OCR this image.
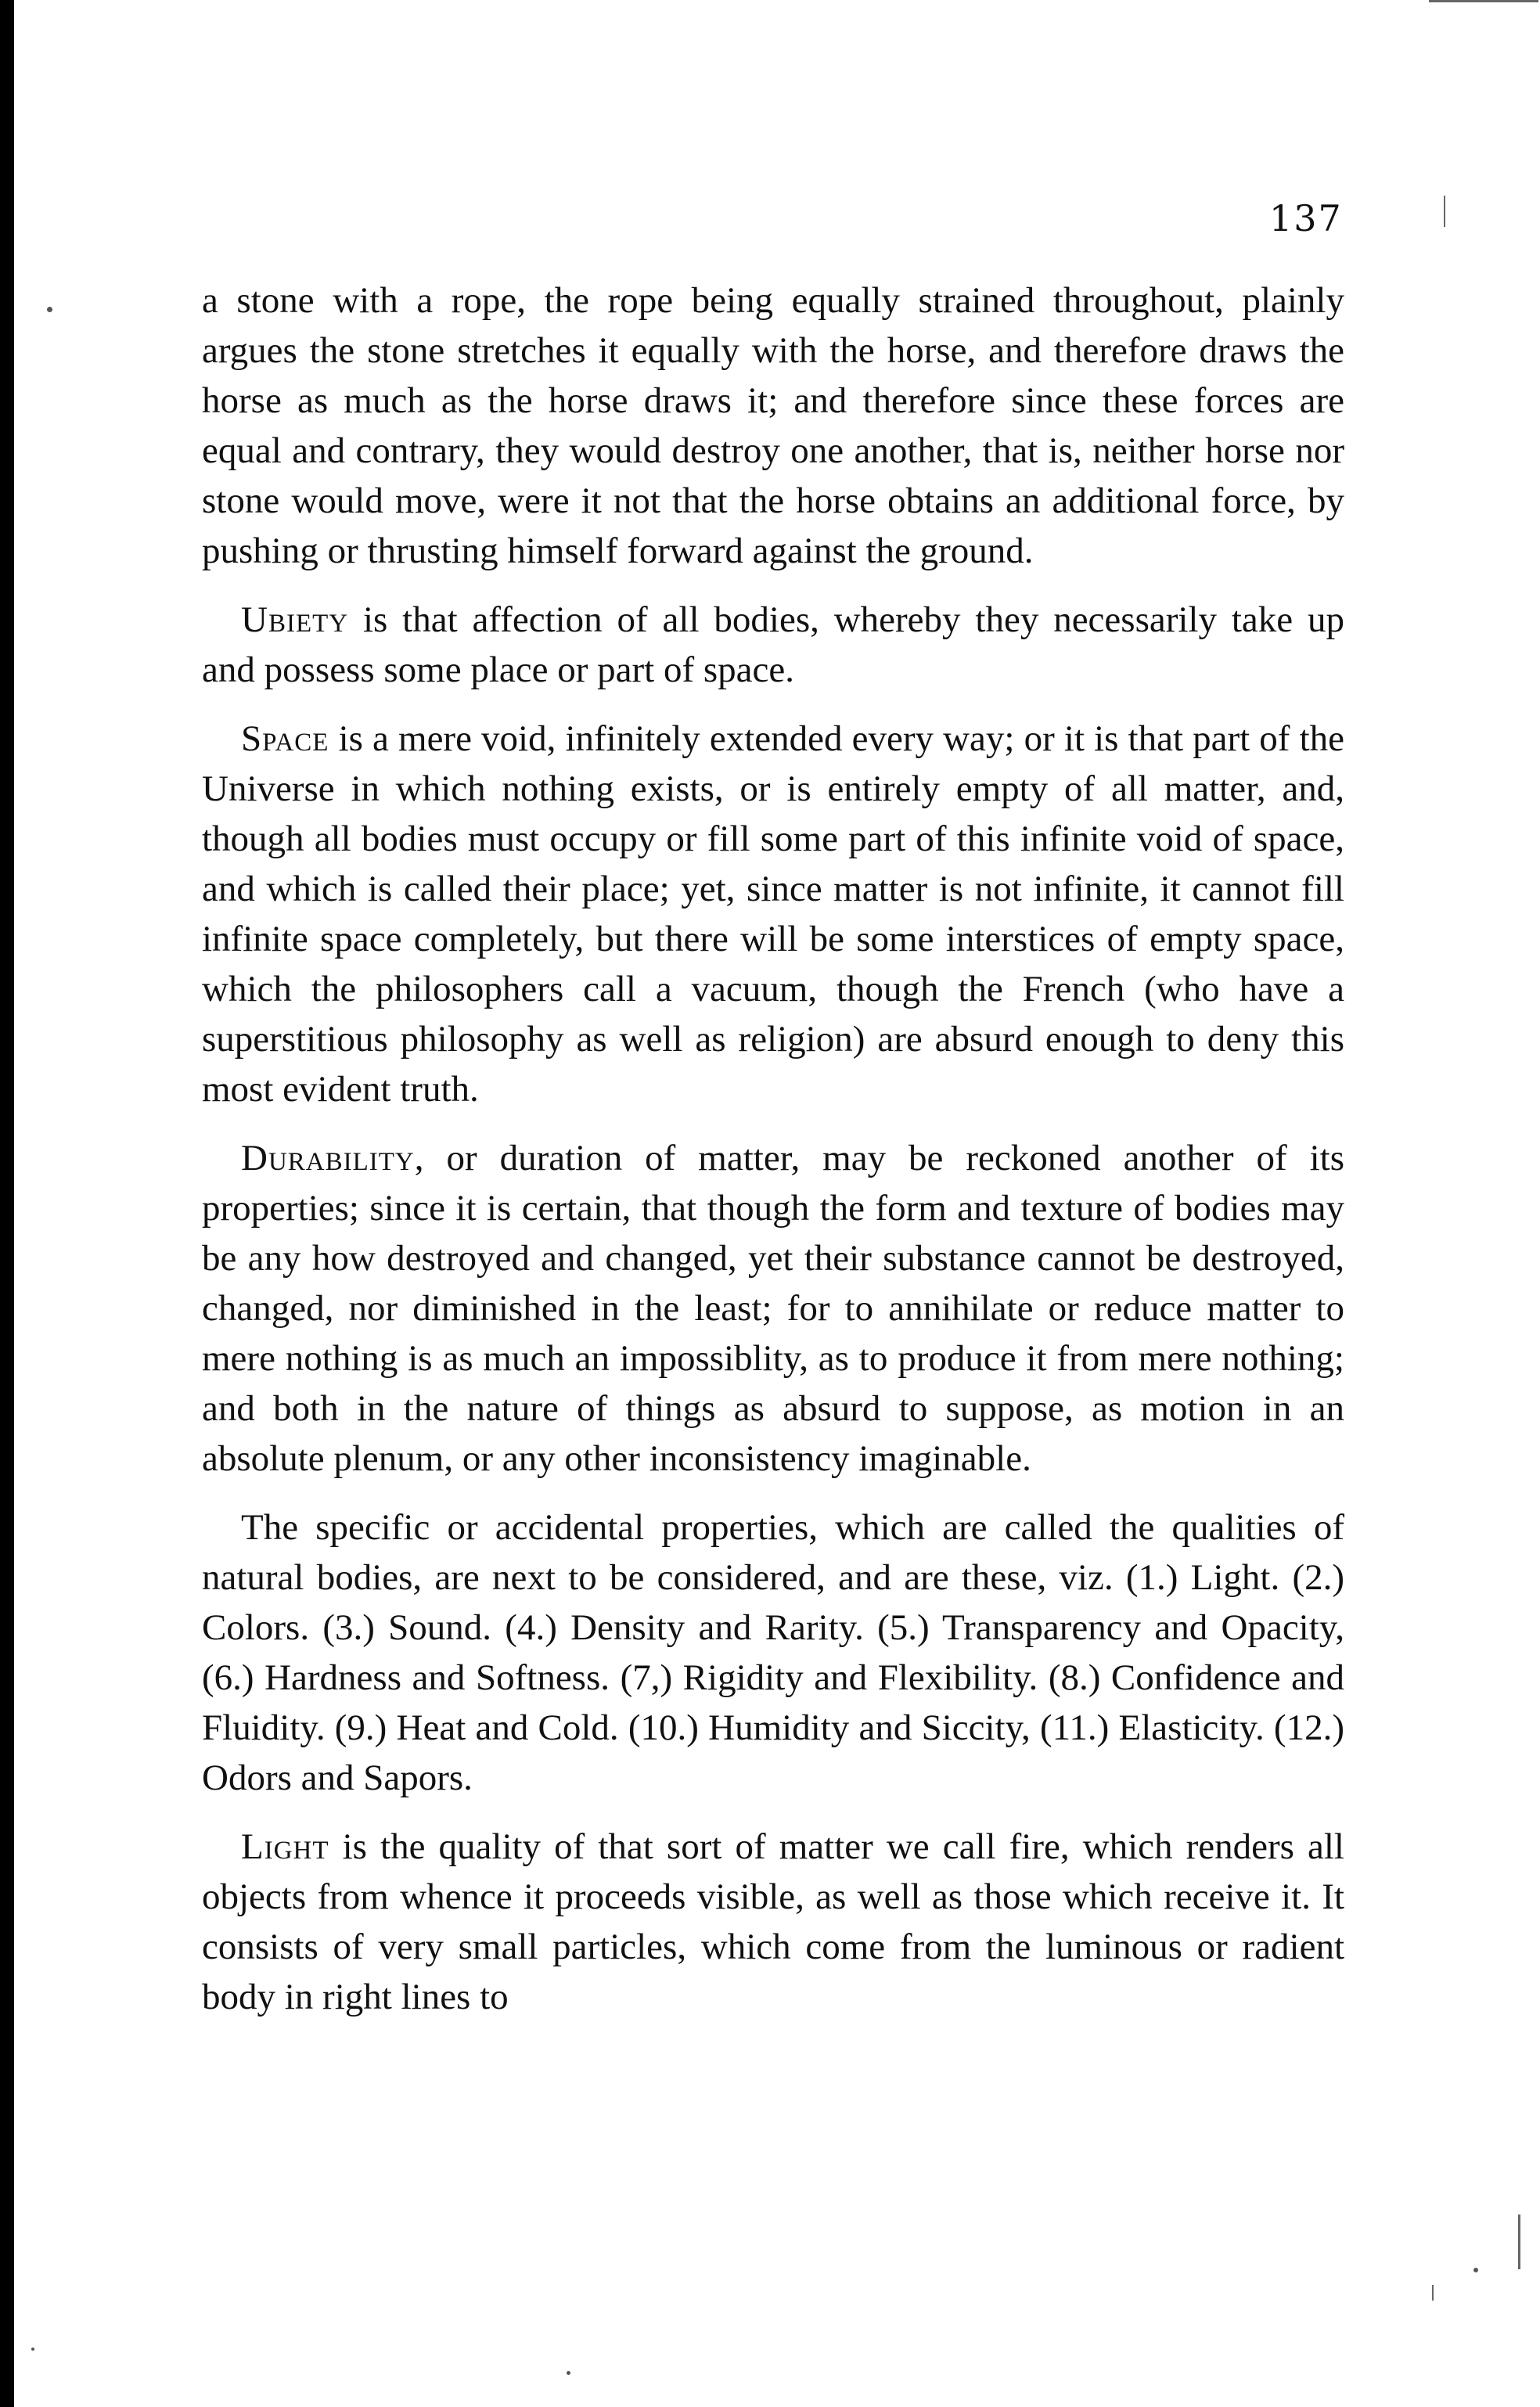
137

a stone with a rope, the rope being equally strained throughout, plainly argues the stone stretches it equally with the horse, and therefore draws the horse as much as the horse draws it; and therefore since these forces are equal and contrary, they would destroy one another, that is, neither horse nor stone would move, were it not that the horse obtains an additional force, by pushing or thrusting himself forward against the ground.

Ubiety is that affection of all bodies, whereby they necessarily take up and possess some place or part of space.

Space is a mere void, infinitely extended every way; or it is that part of the Universe in which nothing exists, or is entirely empty of all matter, and, though all bodies must occupy or fill some part of this infinite void of space, and which is called their place; yet, since matter is not infinite, it cannot fill infinite space completely, but there will be some interstices of empty space, which the philosophers call a vacuum, though the French (who have a superstitious philosophy as well as religion) are absurd enough to deny this most evident truth.

Durability, or duration of matter, may be reckoned another of its properties; since it is certain, that though the form and texture of bodies may be any how destroyed and changed, yet their substance cannot be destroyed, changed, nor diminished in the least; for to annihilate or reduce matter to mere nothing is as much an impossiblity, as to produce it from mere nothing; and both in the nature of things as absurd to suppose, as motion in an absolute plenum, or any other inconsistency imaginable.

The specific or accidental properties, which are called the qualities of natural bodies, are next to be considered, and are these, viz. (1.) Light. (2.) Colors. (3.) Sound. (4.) Density and Rarity. (5.) Transparency and Opacity, (6.) Hardness and Softness. (7,) Rigidity and Flexibility. (8.) Confidence and Fluidity. (9.) Heat and Cold. (10.) Humidity and Siccity, (11.) Elasticity. (12.) Odors and Sapors.

Light is the quality of that sort of matter we call fire, which renders all objects from whence it proceeds visible, as well as those which receive it. It consists of very small particles, which come from the luminous or radient body in right lines to
